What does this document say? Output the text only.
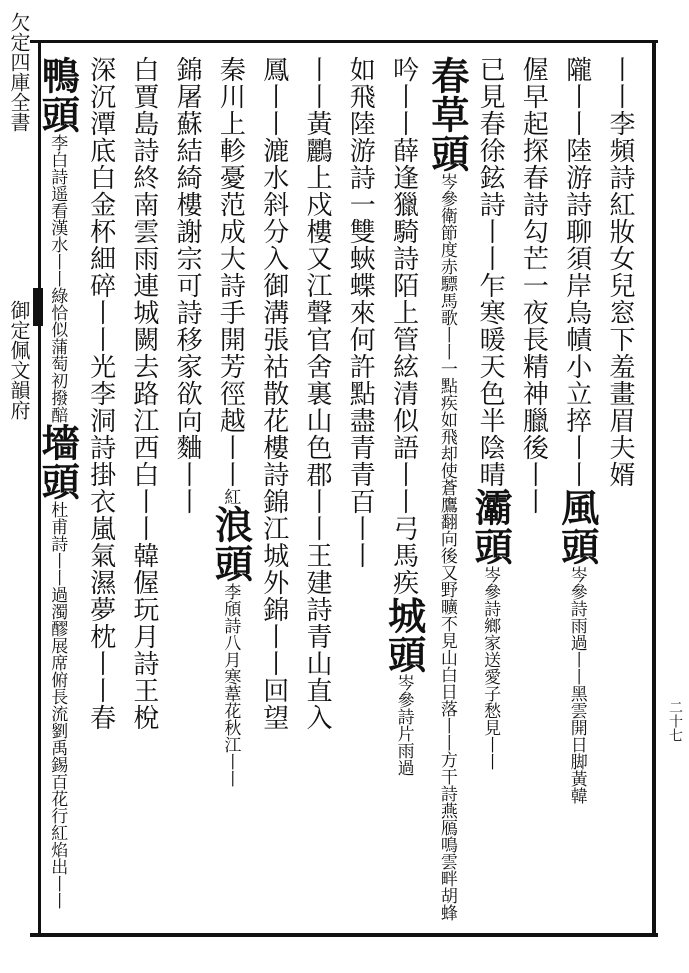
欠定四庫全書  御定佩文韻府
二十七
丨丨李頻詩紅妝女兒窓下羞畫眉夫婿
隴丨丨陸游詩聊須岸烏幘小立捽丨丨風頭岑參詩雨過丨丨黑雲開日脚黃韓
偓早起探春詩勾芒一夜長精神臘後丨丨
已見春徐鉉詩丨丨乍寒暖天色半陰晴灞頭岑參詩鄉家送愛子愁見丨丨
春草頭岑參衛節度赤驃馬歌丨丨一點疾如飛却使蒼鷹翻向後又野曠不見山白日落丨丨方干詩燕鴈鳴雲畔胡蜂
吟丨丨薛逢獵騎詩陌上管絃清似語丨丨弓馬疾城頭岑參詩片雨過
如飛陸游詩一雙蛺蝶來何許點盡青青百丨丨
丨丨黃鸝上戍樓又江聲官舍裏山色郡丨丨王建詩青山直入
鳳丨丨漉水斜分入御溝張祜散花樓詩錦江城外錦丨丨回望
秦川上軫憂范成大詩手開芳徑越丨丨紅浪頭李頎詩八月寒葦花秋江丨丨
錦屠蘇結綺樓謝宗可詩移家欲向麯丨丨
白賈島詩終南雲雨連城闕去路江西白丨丨韓偓玩月詩王梲
深沉潭底白金杯細碎丨丨光李洞詩掛衣嵐氣濕夢枕丨丨春
鴨頭李白詩遥看漢水丨丨綠恰似蒲萄初撥醅墻頭杜甫詩丨丨過濁醪展席俯長流劉禹錫百花行紅焰出丨丨
